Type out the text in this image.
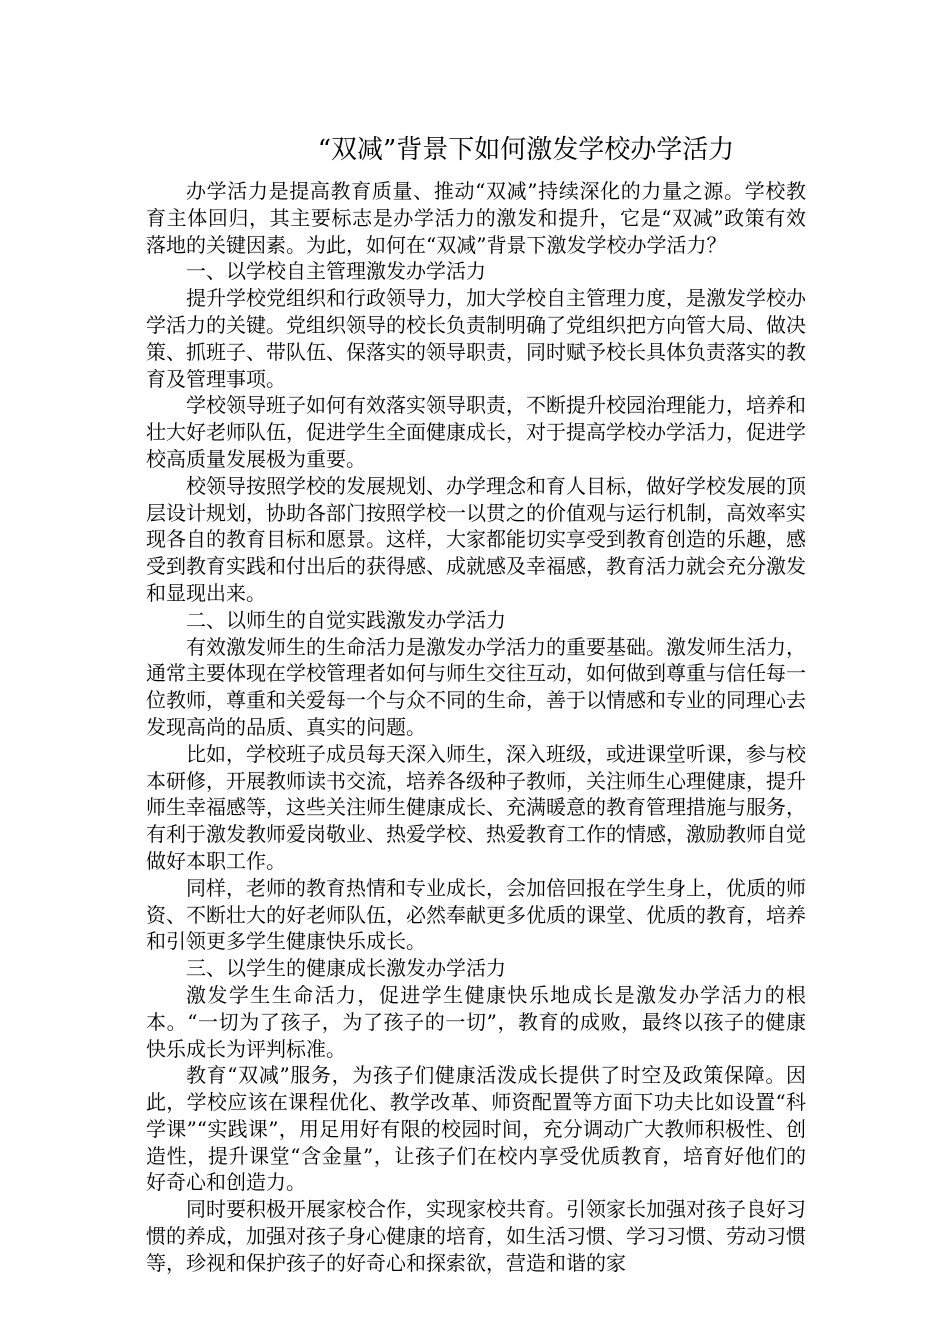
“双减”背景下如何激发学校办学活力

办学活力是提高教育质量、推动“双减”持续深化的力量之源。学校教育主体回归，其主要标志是办学活力的激发和提升，它是“双减”政策有效落地的关键因素。为此，如何在“双减”背景下激发学校办学活力？

一、以学校自主管理激发办学活力

提升学校党组织和行政领导力，加大学校自主管理力度，是激发学校办学活力的关键。党组织领导的校长负责制明确了党组织把方向管大局、做决策、抓班子、带队伍、保落实的领导职责，同时赋予校长具体负责落实的教育及管理事项。

学校领导班子如何有效落实领导职责，不断提升校园治理能力，培养和壮大好老师队伍，促进学生全面健康成长，对于提高学校办学活力，促进学校高质量发展极为重要。

校领导按照学校的发展规划、办学理念和育人目标，做好学校发展的顶层设计规划，协助各部门按照学校一以贯之的价值观与运行机制，高效率实现各自的教育目标和愿景。这样，大家都能切实享受到教育创造的乐趣，感受到教育实践和付出后的获得感、成就感及幸福感，教育活力就会充分激发和显现出来。

二、以师生的自觉实践激发办学活力

有效激发师生的生命活力是激发办学活力的重要基础。激发师生活力，通常主要体现在学校管理者如何与师生交往互动，如何做到尊重与信任每一位教师，尊重和关爱每一个与众不同的生命，善于以情感和专业的同理心去发现高尚的品质、真实的问题。

比如，学校班子成员每天深入师生，深入班级，或进课堂听课，参与校本研修，开展教师读书交流，培养各级种子教师，关注师生心理健康，提升师生幸福感等，这些关注师生健康成长、充满暖意的教育管理措施与服务，有利于激发教师爱岗敬业、热爱学校、热爱教育工作的情感，激励教师自觉做好本职工作。

同样，老师的教育热情和专业成长，会加倍回报在学生身上，优质的师资、不断壮大的好老师队伍，必然奉献更多优质的课堂、优质的教育，培养和引领更多学生健康快乐成长。

三、以学生的健康成长激发办学活力

激发学生生命活力，促进学生健康快乐地成长是激发办学活力的根本。“一切为了孩子，为了孩子的一切”，教育的成败，最终以孩子的健康快乐成长为评判标准。

教育“双减”服务，为孩子们健康活泼成长提供了时空及政策保障。因此，学校应该在课程优化、教学改革、师资配置等方面下功夫比如设置“科学课”“实践课”，用足用好有限的校园时间，充分调动广大教师积极性、创造性，提升课堂“含金量”，让孩子们在校内享受优质教育，培育好他们的好奇心和创造力。

同时要积极开展家校合作，实现家校共育。引领家长加强对孩子良好习惯的养成，加强对孩子身心健康的培育，如生活习惯、学习习惯、劳动习惯等，珍视和保护孩子的好奇心和探索欲，营造和谐的家
